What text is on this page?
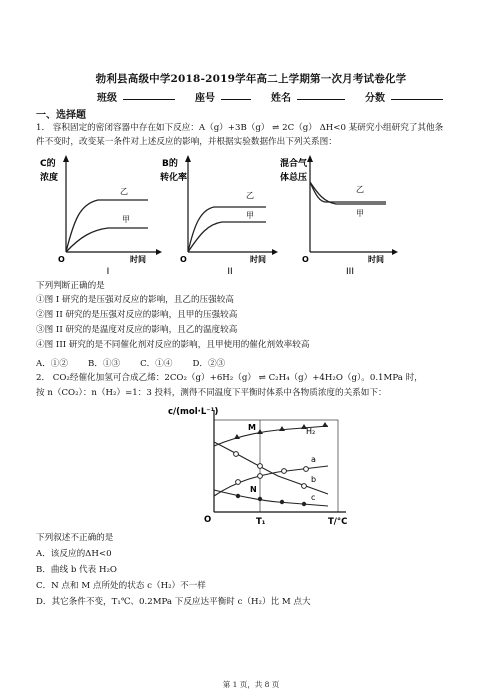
勃利县高级中学2018-2019学年高二上学期第一次月考试卷化学
班级	座号	姓名	分数
一、选择题
1． 容积固定的密闭容器中存在如下反应：A（g）+3B（g） ⇌ 2C（g） ΔH<0 某研究小组研究了其他条
件不变时，改变某一条件对上述反应的影响，并根据实验数据作出下列关系图：
C的
浓度
乙
甲
O	时间
I
B的
转化率
乙
甲
O	时间
II
混合气
体总压
乙
甲
O	时间
III
下列判断正确的是
①图 I 研究的是压强对反应的影响，且乙的压强较高
②图 II 研究的是压强对反应的影响，且甲的压强较高
③图 II 研究的是温度对反应的影响，且乙的温度较高
④图 III 研究的是不同催化剂对反应的影响，且甲使用的催化剂效率较高
A．①② B．①③ C．①④ D．②③
2． CO₂经催化加氢可合成乙烯：2CO₂（g）+6H₂（g） ⇌ C₂H₄（g）+4H₂O（g）。0.1MPa 时，
按 n（CO₂）：n（H₂）=1：3 投料，测得不同温度下平衡时体系中各物质浓度的关系如下：
c/(mol·L⁻¹)
M	H₂
a
b
c
N
O	T₁	T/°C
下列叙述不正确的是
A．该反应的ΔH<0
B．曲线 b 代表 H₂O
C．N 点和 M 点所处的状态 c（H₂）不一样
D．其它条件不变，T₁℃、0.2MPa 下反应达平衡时 c（H₂）比 M 点大
第 1 页，共 8 页
